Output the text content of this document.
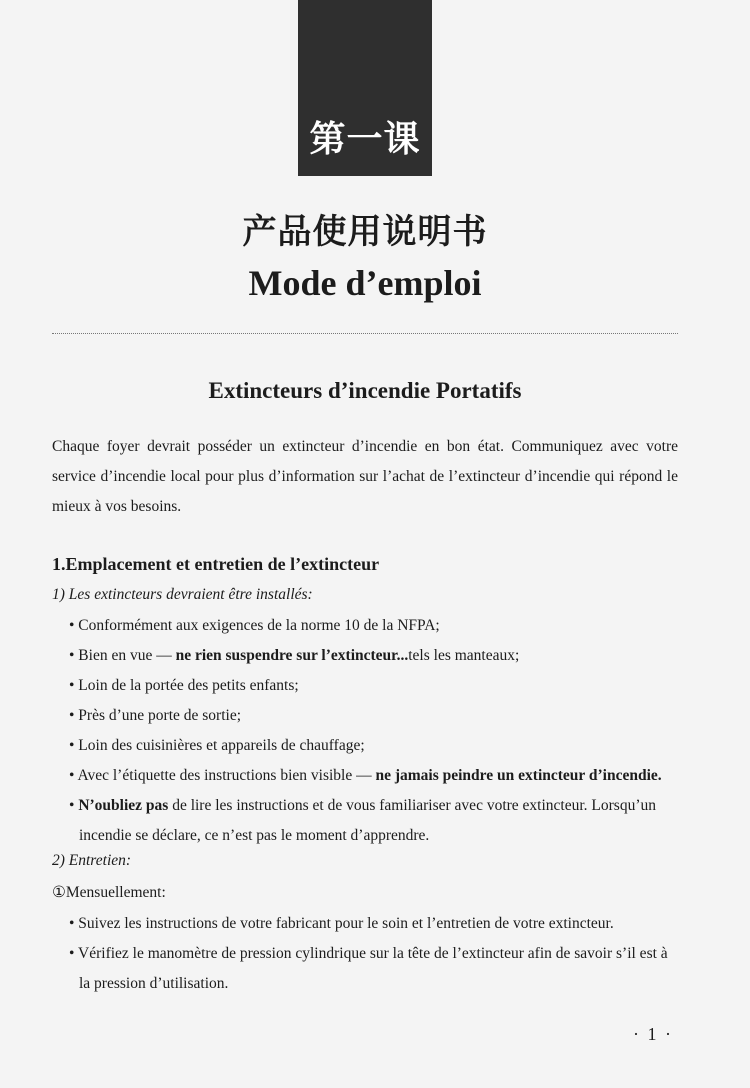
第一课
产品使用说明书
Mode d’emploi
Extincteurs d’incendie Portatifs

Chaque foyer devrait posséder un extincteur d’incendie en bon état. Communiquez avec votre service d’incendie local pour plus d’information sur l’achat de l’extincteur d’incendie qui répond le mieux à vos besoins.

1.Emplacement et entretien de l’extincteur
1) Les extincteurs devraient être installés:

• Conformément aux exigences de la norme 10 de la NFPA;

• Bien en vue — ne rien suspendre sur l’extincteur...tels les manteaux;

• Loin de la portée des petits enfants;

• Près d’une porte de sortie;

• Loin des cuisinières et appareils de chauffage;

• Avec l’étiquette des instructions bien visible — ne jamais peindre un extincteur d’incendie.

• N’oubliez pas de lire les instructions et de vous familiariser avec votre extincteur. Lorsqu’un incendie se déclare, ce n’est pas le moment d’apprendre.

2) Entretien:
①Mensuellement:

• Suivez les instructions de votre fabricant pour le soin et l’entretien de votre extincteur.

• Vérifiez le manomètre de pression cylindrique sur la tête de l’extincteur afin de savoir s’il est à la pression d’utilisation.

· 1 ·
